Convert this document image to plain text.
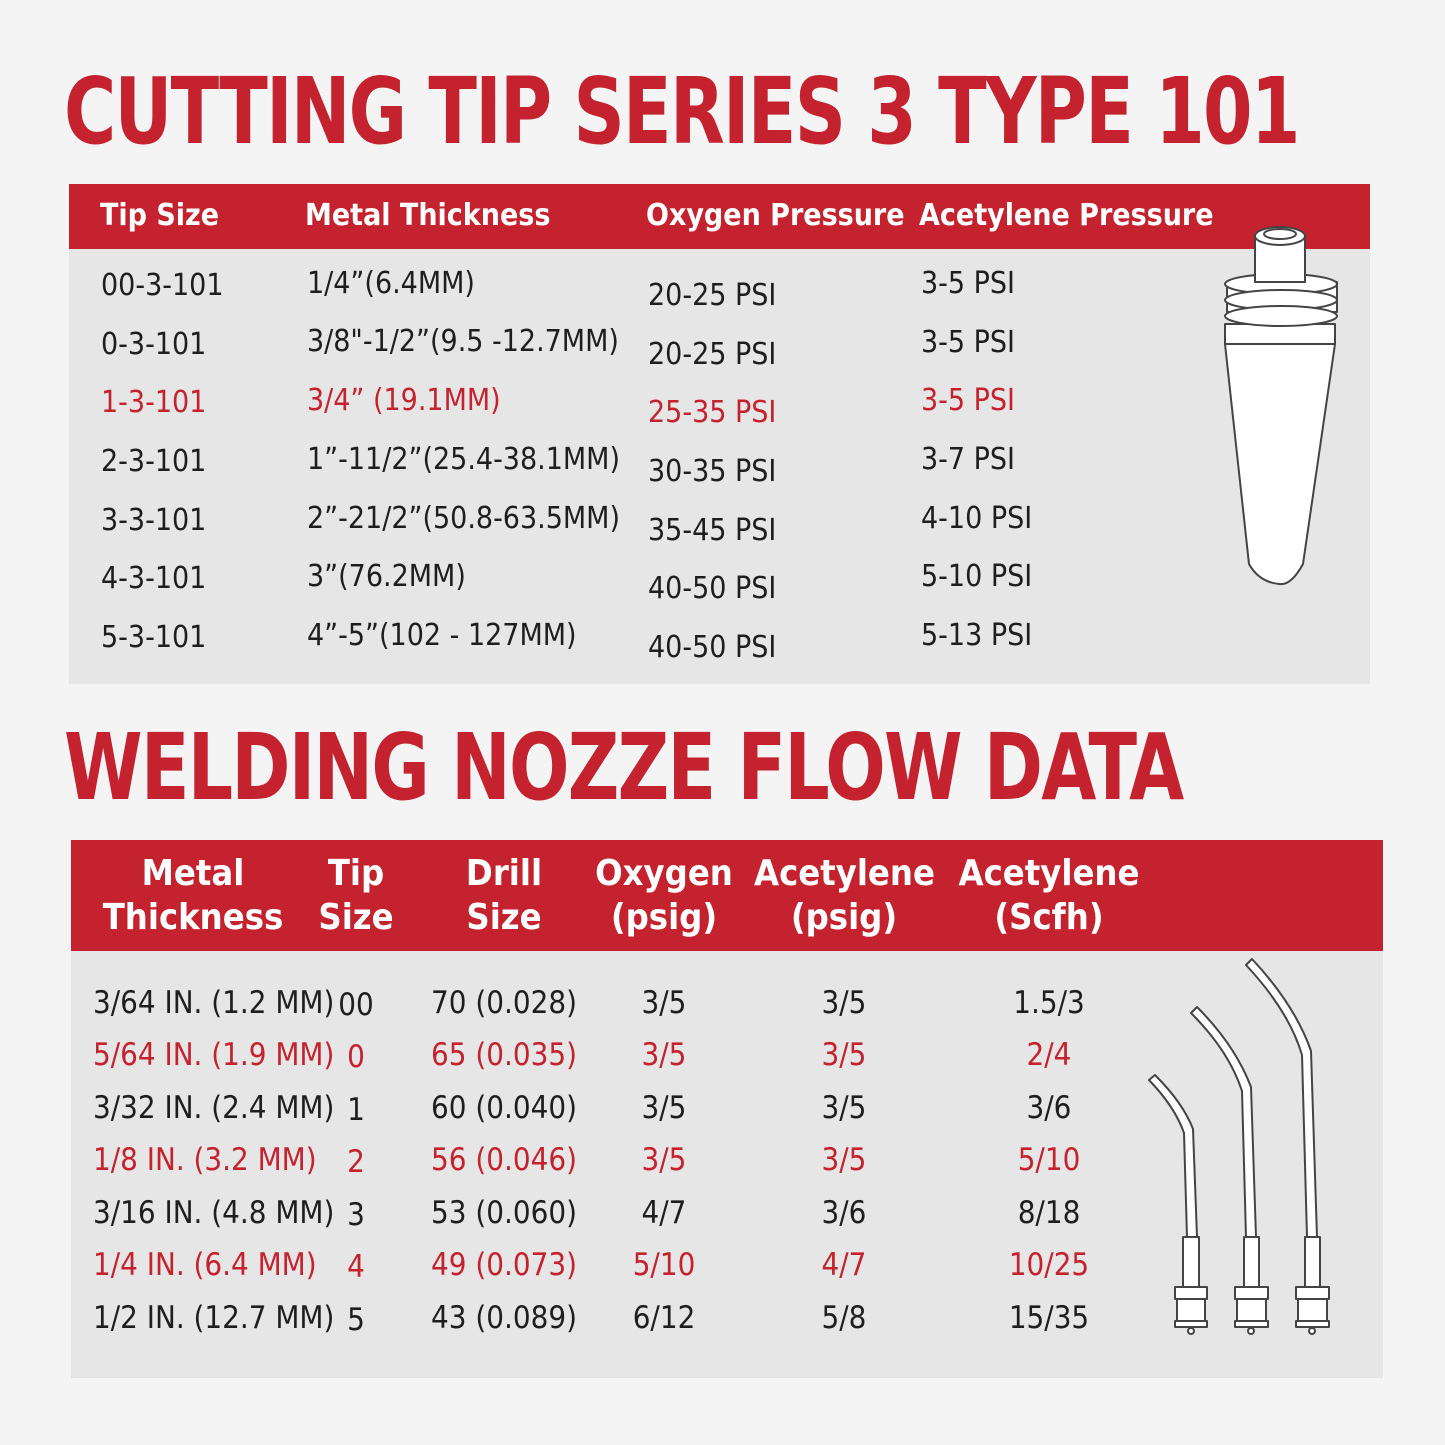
CUTTING TIP SERIES 3 TYPE 101
Tip Size	Metal Thickness	Oxygen Pressure Acetylene Pressure
00-3-101	1/4”(6.4MM)	20-25 PSI	3-5 PSI
0-3-101	3/8"-1/2”(9.5 -12.7MM) 20-25 PSI	3-5 PSI
1-3-101	3/4” (19.1MM)	25-35 PSI	3-5 PSI
2-3-101	1”-11/2”(25.4-38.1MM) 30-35 PSI	3-7 PSI
3-3-101	2”-21/2”(50.8-63.5MM) 35-45 PSI	4-10 PSI
4-3-101	3”(76.2MM)	40-50 PSI	5-10 PSI
5-3-101	4”-5”(102 - 127MM) 40-50 PSI	5-13 PSI
WELDING NOZZE FLOW DATA
Metal
Thickness
Tip
Size
Drill
Size
Oxygen
(psig)
Acetylene
(psig)
Acetylene
(Scfh)
3/64 IN. (1.2 MM) 00	70 (0.028)	3/5	3/5	1.5/3
5/64 IN. (1.9 MM) 0	65 (0.035)	3/5	3/5	2/4
3/32 IN. (2.4 MM) 1	60 (0.040)	3/5	3/5	3/6
1/8 IN. (3.2 MM) 2	56 (0.046)	3/5	3/5	5/10
3/16 IN. (4.8 MM) 3	53 (0.060)	4/7	3/6	8/18
1/4 IN. (6.4 MM) 4	49 (0.073)	5/10	4/7	10/25
1/2 IN. (12.7 MM) 5	43 (0.089)	6/12	5/8	15/35
